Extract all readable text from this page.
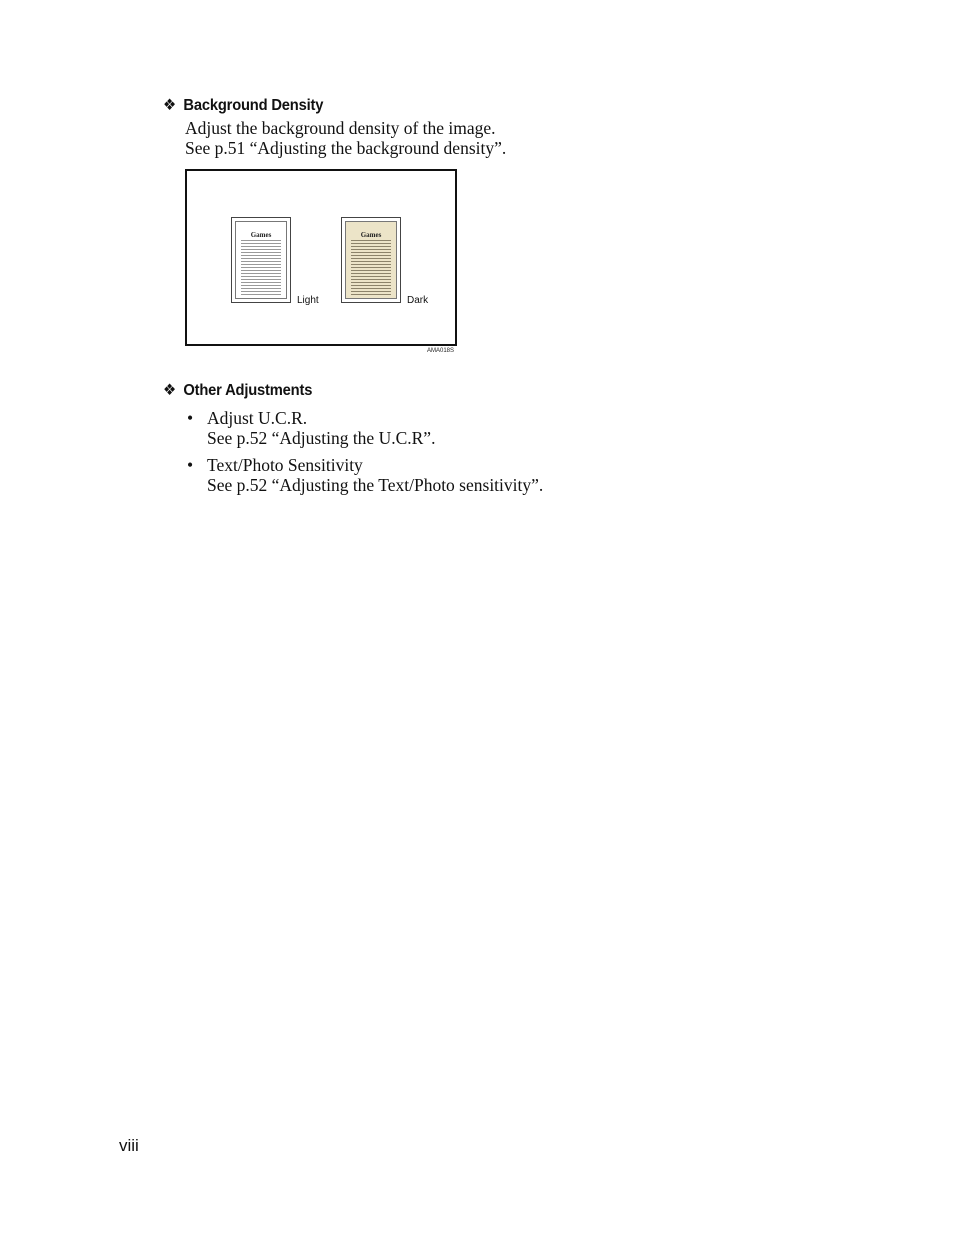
❖ Background Density
Adjust the background density of the image.
See p.51 “Adjusting the background density”.
Games
Light
Games
Dark
AMA018S
❖ Other Adjustments
• Adjust U.C.R.
See p.52 “Adjusting the U.C.R”.
• Text/Photo Sensitivity
See p.52 “Adjusting the Text/Photo sensitivity”.
viii
